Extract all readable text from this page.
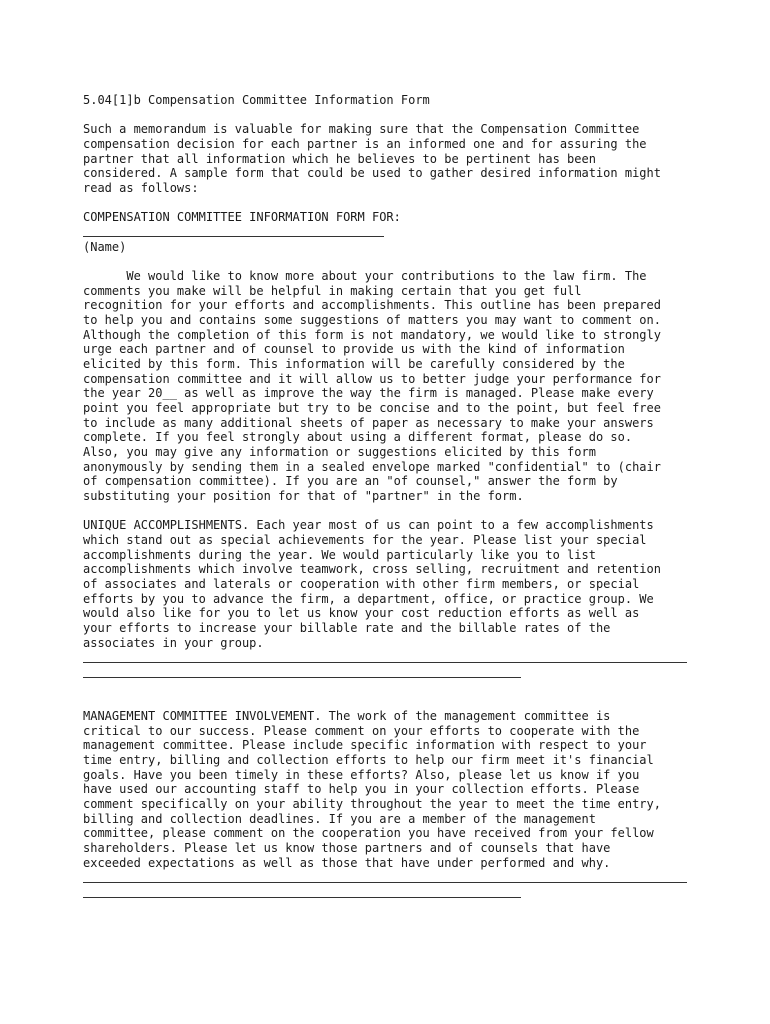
5.04[1]b Compensation Committee Information Form
Such a memorandum is valuable for making sure that the Compensation Committee
compensation decision for each partner is an informed one and for assuring the
partner that all information which he believes to be pertinent has been
considered. A sample form that could be used to gather desired information might
read as follows:
COMPENSATION COMMITTEE INFORMATION FORM FOR:
(Name)
We would like to know more about your contributions to the law firm. The
comments you make will be helpful in making certain that you get full
recognition for your efforts and accomplishments. This outline has been prepared
to help you and contains some suggestions of matters you may want to comment on.
Although the completion of this form is not mandatory, we would like to strongly
urge each partner and of counsel to provide us with the kind of information
elicited by this form. This information will be carefully considered by the
compensation committee and it will allow us to better judge your performance for
the year 20__ as well as improve the way the firm is managed. Please make every
point you feel appropriate but try to be concise and to the point, but feel free
to include as many additional sheets of paper as necessary to make your answers
complete. If you feel strongly about using a different format, please do so.
Also, you may give any information or suggestions elicited by this form
anonymously by sending them in a sealed envelope marked "confidential" to (chair
of compensation committee). If you are an "of counsel," answer the form by
substituting your position for that of "partner" in the form.
UNIQUE ACCOMPLISHMENTS. Each year most of us can point to a few accomplishments
which stand out as special achievements for the year. Please list your special
accomplishments during the year. We would particularly like you to list
accomplishments which involve teamwork, cross selling, recruitment and retention
of associates and laterals or cooperation with other firm members, or special
efforts by you to advance the firm, a department, office, or practice group. We
would also like for you to let us know your cost reduction efforts as well as
your efforts to increase your billable rate and the billable rates of the
associates in your group.
MANAGEMENT COMMITTEE INVOLVEMENT. The work of the management committee is
critical to our success. Please comment on your efforts to cooperate with the
management committee. Please include specific information with respect to your
time entry, billing and collection efforts to help our firm meet it's financial
goals. Have you been timely in these efforts? Also, please let us know if you
have used our accounting staff to help you in your collection efforts. Please
comment specifically on your ability throughout the year to meet the time entry,
billing and collection deadlines. If you are a member of the management
committee, please comment on the cooperation you have received from your fellow
shareholders. Please let us know those partners and of counsels that have
exceeded expectations as well as those that have under performed and why.
